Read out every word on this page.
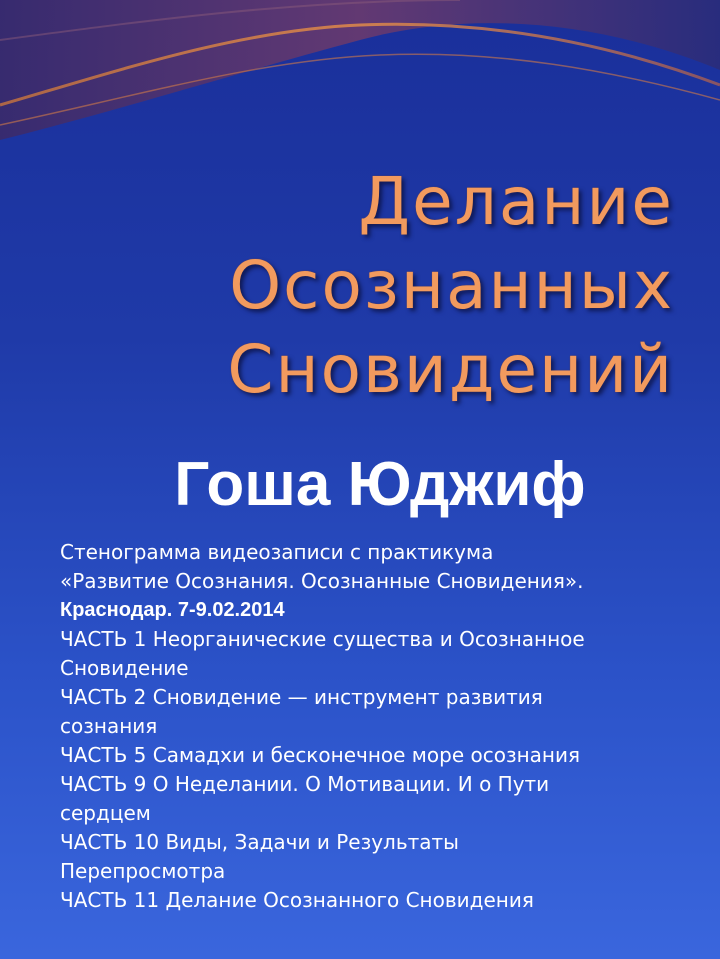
Делание
Осознанных
Сновидений
Гоша Юджиф
Стенограмма видеозаписи с практикума
«Развитие Осознания. Осознанные Сновидения».
Краснодар. 7-9.02.2014
ЧАСТЬ 1 Неорганические существа и Осознанное
Сновидение
ЧАСТЬ 2 Сновидение — инструмент развития
сознания
ЧАСТЬ 5 Самадхи и бесконечное море осознания
ЧАСТЬ 9 О Неделании. О Мотивации. И о Пути
сердцем
ЧАСТЬ 10 Виды, Задачи и Результаты
Перепросмотра
ЧАСТЬ 11 Делание Осознанного Сновидения
